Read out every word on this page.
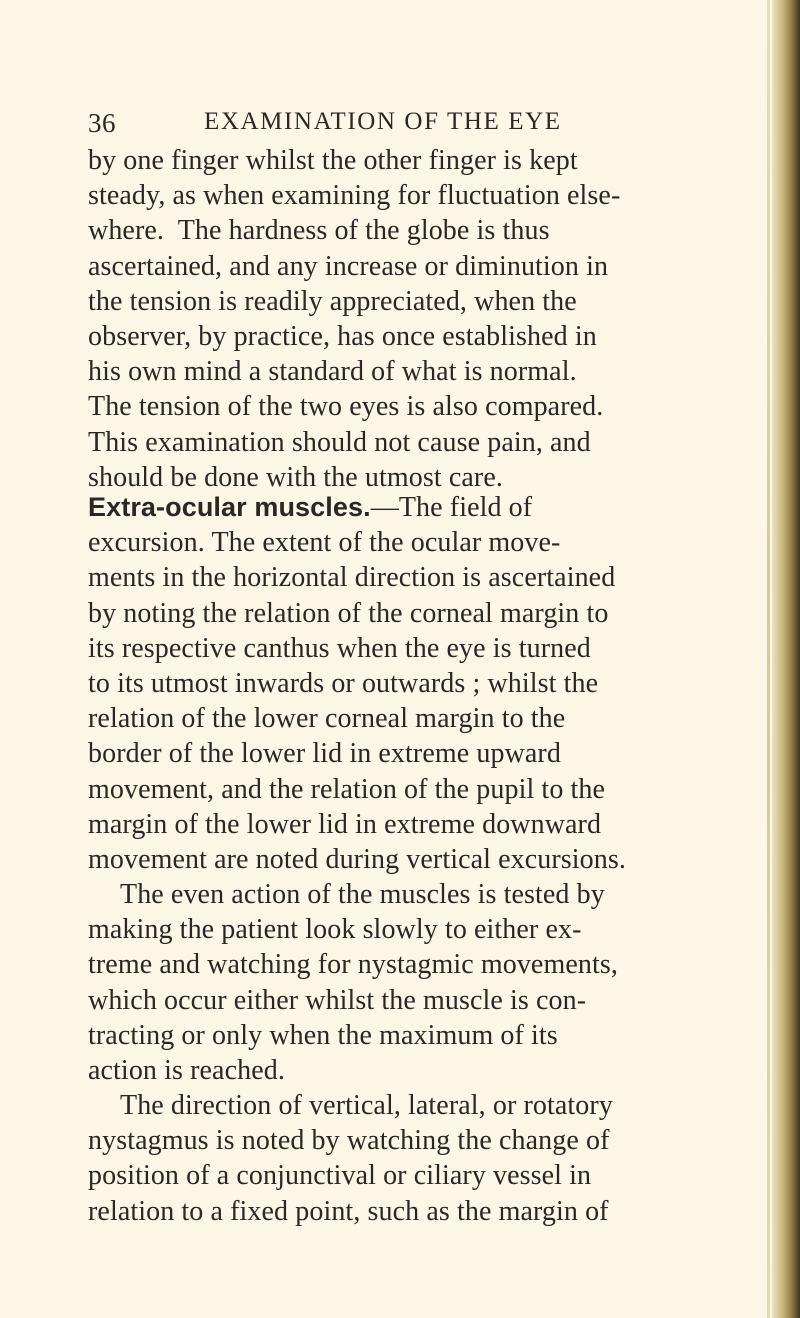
36	EXAMINATION OF THE EYE
by one finger whilst the other finger is kept
steady, as when examining for fluctuation else-
where.  The hardness of the globe is thus
ascertained, and any increase or diminution in
the tension is readily appreciated, when the
observer, by practice, has once established in
his own mind a standard of what is normal.
The tension of the two eyes is also compared.
This examination should not cause pain, and
should be done with the utmost care.
Extra-ocular muscles.—The field of
excursion. The extent of the ocular move-
ments in the horizontal direction is ascertained
by noting the relation of the corneal margin to
its respective canthus when the eye is turned
to its utmost inwards or outwards ; whilst the
relation of the lower corneal margin to the
border of the lower lid in extreme upward
movement, and the relation of the pupil to the
margin of the lower lid in extreme downward
movement are noted during vertical excursions.
The even action of the muscles is tested by
making the patient look slowly to either ex-
treme and watching for nystagmic movements,
which occur either whilst the muscle is con-
tracting or only when the maximum of its
action is reached.
The direction of vertical, lateral, or rotatory
nystagmus is noted by watching the change of
position of a conjunctival or ciliary vessel in
relation to a fixed point, such as the margin of
